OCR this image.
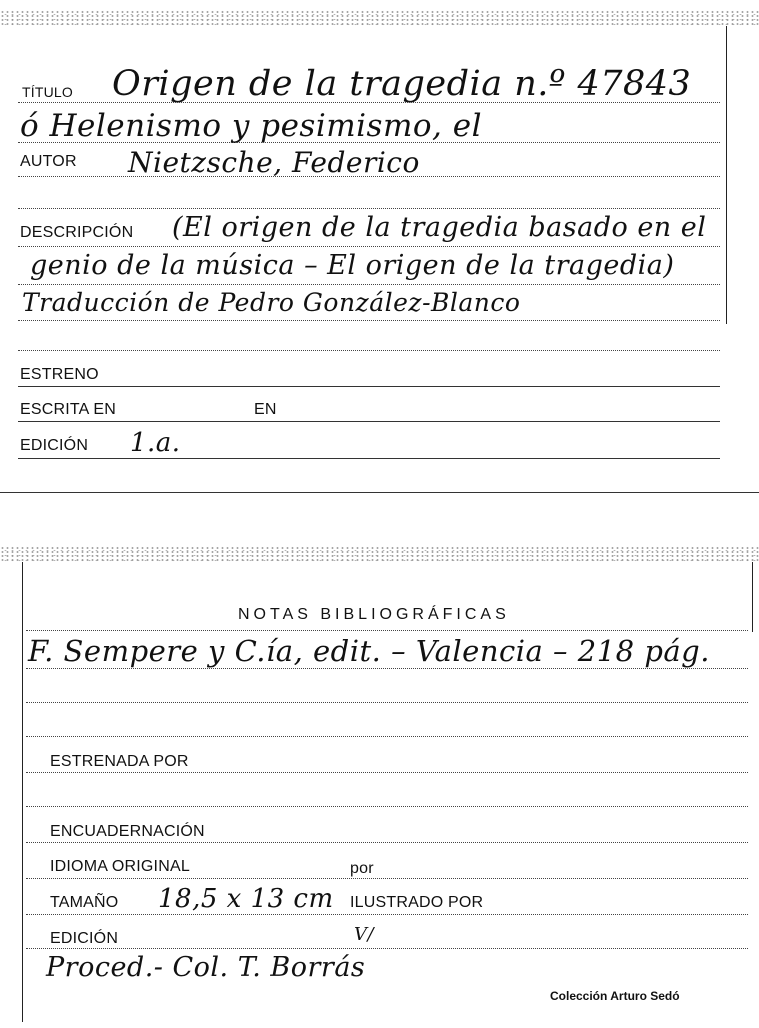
TÍTULO Origen de la tragedia n.º 47843
ó Helenismo y pesimismo, el
AUTOR Nietzsche, Federico
DESCRIPCIÓN (El origen de la tragedia basado en el
genio de la música – El origen de la tragedia)
Traducción de Pedro González-Blanco
ESTRENO
ESCRITA EN	EN
EDICIÓN 1.a.
NOTAS BIBLIOGRÁFICAS
F. Sempere y C.ía, edit. – Valencia – 218 pág.
ESTRENADA POR
ENCUADERNACIÓN
IDIOMA ORIGINAL	por
TAMAÑO 18,5 x 13 cm ILUSTRADO POR
EDICIÓN	V/
Proced.- Col. T. Borrás
Colección Arturo Sedó
